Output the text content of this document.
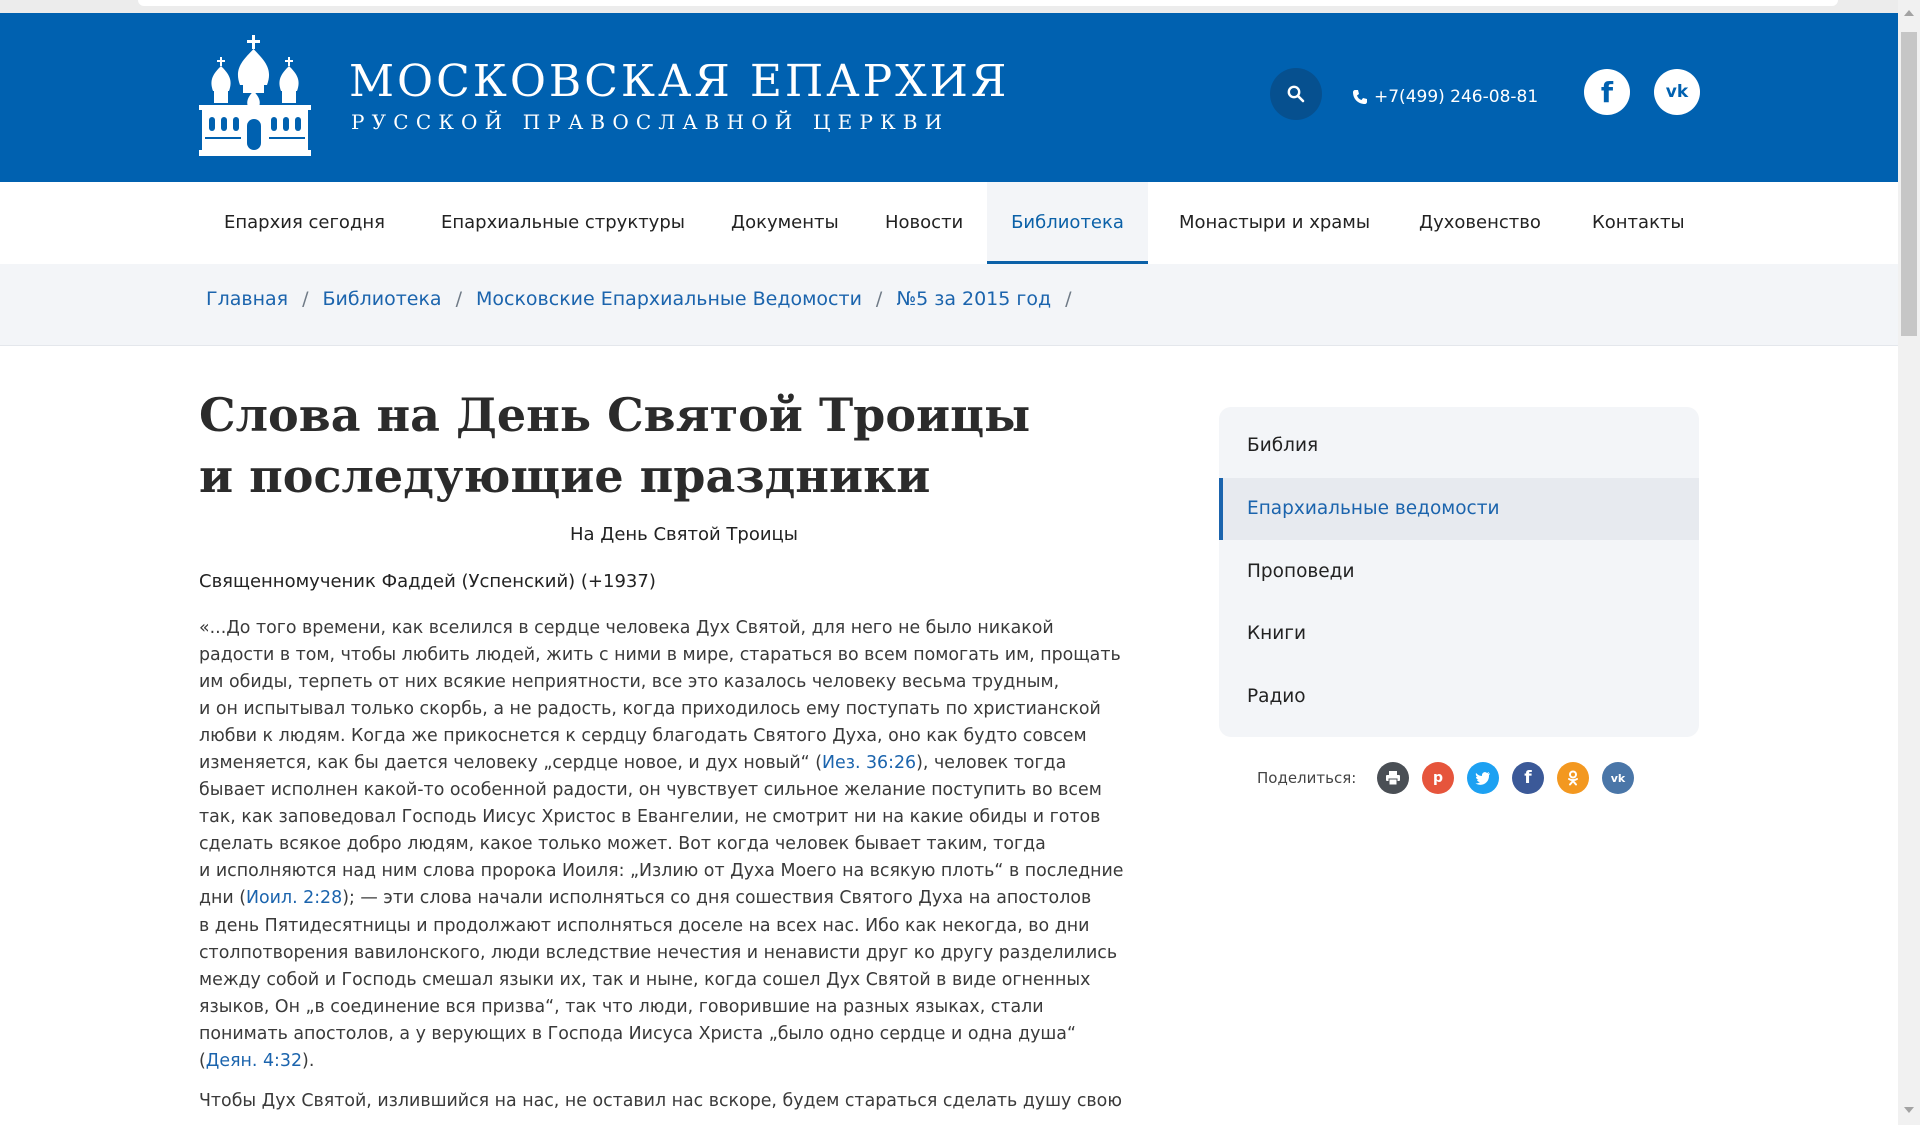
МОСКОВСКАЯ ЕПАРХИЯ
РУССКОЙ ПРАВОСЛАВНОЙ ЦЕРКВИ
+7(499) 246-08-81 f	vk
Епархия сегодня	Епархиальные структуры	Документы	Новости	Библиотека	Монастыри и храмы	Духовенство	Контакты
Главная / Библиотека / Московские Епархиальные Ведомости / №5 за 2015 год /
Слова на День Святой Троицы
и последующие праздники
На День Святой Троицы
Священномученик Фаддей (Успенский) (+1937)

«...До того времени, как вселился в сердце человека Дух Святой, для него не было никакой
радости в том, чтобы любить людей, жить с ними в мире, стараться во всем помогать им, прощать
им обиды, терпеть от них всякие неприятности, все это казалось человеку весьма трудным,
и он испытывал только скорбь, а не радость, когда приходилось ему поступать по христианской
любви к людям. Когда же прикоснется к сердцу благодать Святого Духа, оно как будто совсем
изменяется, как бы дается человеку „сердце новое, и дух новый“ (Иез. 36:26), человек тогда
бывает исполнен какой-то особенной радости, он чувствует сильное желание поступить во всем
так, как заповедовал Господь Иисус Христос в Евангелии, не смотрит ни на какие обиды и готов
сделать всякое добро людям, какое только может. Вот когда человек бывает таким, тогда
и исполняются над ним слова пророка Иоиля: „Излию от Духа Моего на всякую плоть“ в последние
дни (Иоил. 2:28); — эти слова начали исполняться со дня сошествия Святого Духа на апостолов
в день Пятидесятницы и продолжают исполняться доселе на всех нас. Ибо как некогда, во дни
столпотворения вавилонского, люди вследствие нечестия и ненависти друг ко другу разделились
между собой и Господь смешал языки их, так и ныне, когда сошел Дух Святой в виде огненных
языков, Он „в соединение вся призва“, так что люди, говорившие на разных языках, стали
понимать апостолов, а у верующих в Господа Иисуса Христа „было одно сердце и одна душа“
(Деян. 4:32).

Чтобы Дух Святой, излившийся на нас, не оставил нас вскоре, будем стараться сделать душу свою

Библия
Епархиальные ведомости
Проповеди
Книги
Радио
Поделиться:	p	f	vk
